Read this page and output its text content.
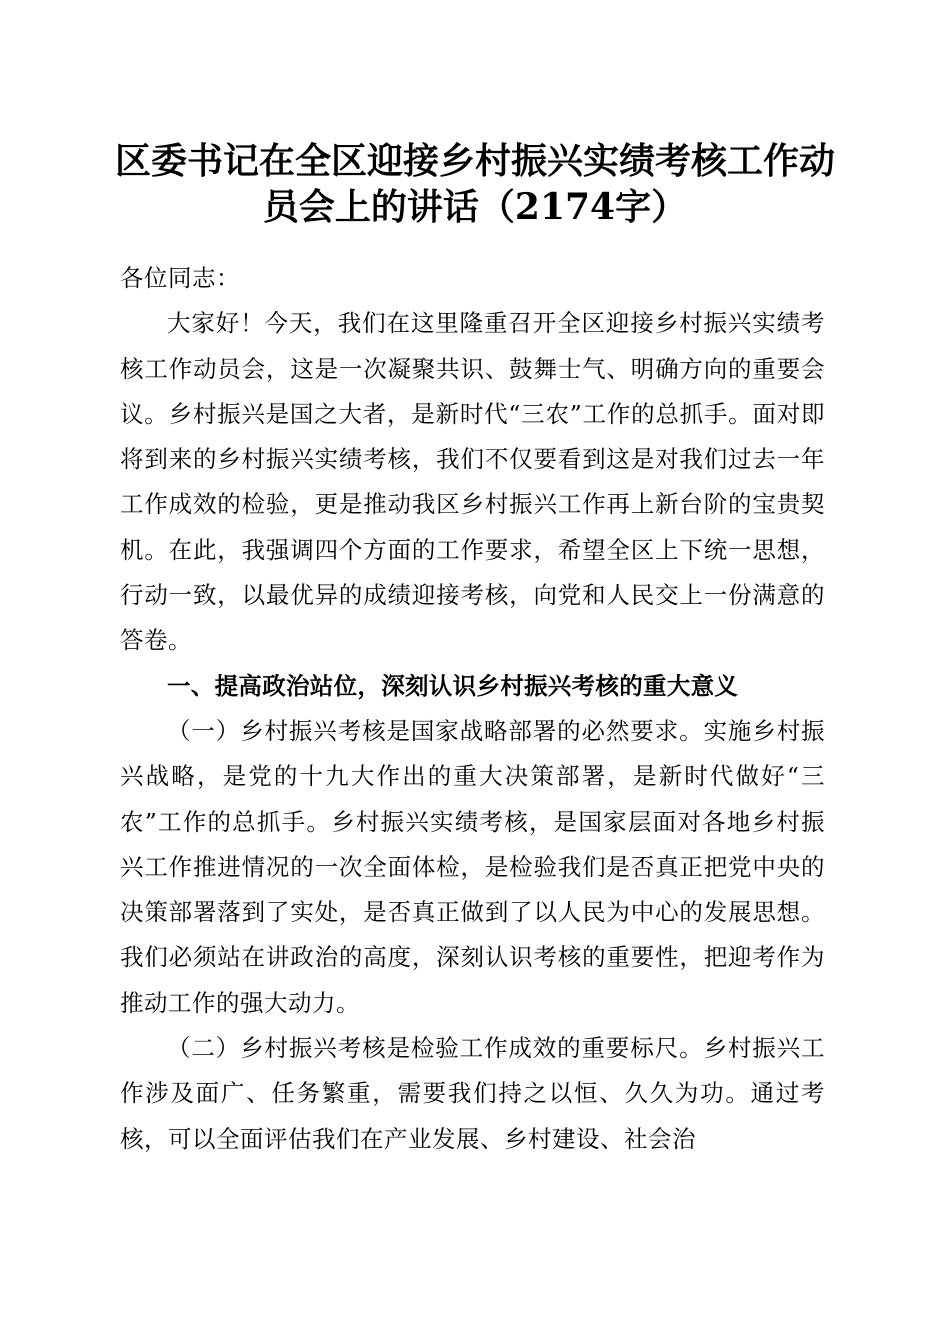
区委书记在全区迎接乡村振兴实绩考核工作动
员会上的讲话（2174字）

各位同志：

大家好！今天，我们在这里隆重召开全区迎接乡村振兴实绩考核工作动员会，这是一次凝聚共识、鼓舞士气、明确方向的重要会议。乡村振兴是国之大者，是新时代“三农”工作的总抓手。面对即将到来的乡村振兴实绩考核，我们不仅要看到这是对我们过去一年工作成效的检验，更是推动我区乡村振兴工作再上新台阶的宝贵契机。在此，我强调四个方面的工作要求，希望全区上下统一思想，行动一致，以最优异的成绩迎接考核，向党和人民交上一份满意的答卷。

一、提高政治站位，深刻认识乡村振兴考核的重大意义

（一）乡村振兴考核是国家战略部署的必然要求。实施乡村振兴战略，是党的十九大作出的重大决策部署，是新时代做好“三农”工作的总抓手。乡村振兴实绩考核，是国家层面对各地乡村振兴工作推进情况的一次全面体检，是检验我们是否真正把党中央的决策部署落到了实处，是否真正做到了以人民为中心的发展思想。我们必须站在讲政治的高度，深刻认识考核的重要性，把迎考作为推动工作的强大动力。

（二）乡村振兴考核是检验工作成效的重要标尺。乡村振兴工作涉及面广、任务繁重，需要我们持之以恒、久久为功。通过考核，可以全面评估我们在产业发展、乡村建设、社会治
